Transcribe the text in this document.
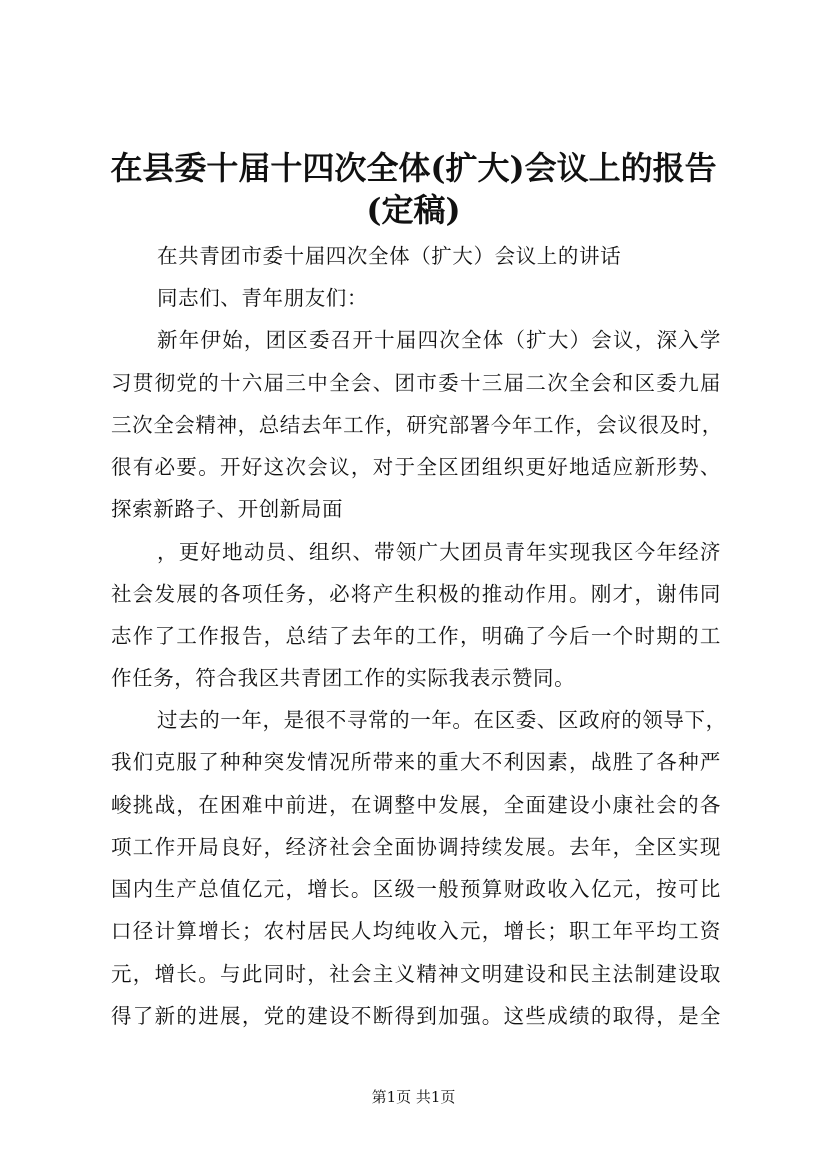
在县委十届十四次全体(扩大)会议上的报告
(定稿)
在共青团市委十届四次全体（扩大）会议上的讲话
同志们、青年朋友们：
新年伊始，团区委召开十届四次全体（扩大）会议，深入学
习贯彻党的十六届三中全会、团市委十三届二次全会和区委九届
三次全会精神，总结去年工作，研究部署今年工作，会议很及时，
很有必要。开好这次会议，对于全区团组织更好地适应新形势、
探索新路子、开创新局面
，更好地动员、组织、带领广大团员青年实现我区今年经济
社会发展的各项任务，必将产生积极的推动作用。刚才，谢伟同
志作了工作报告，总结了去年的工作，明确了今后一个时期的工
作任务，符合我区共青团工作的实际我表示赞同。
过去的一年，是很不寻常的一年。在区委、区政府的领导下，
我们克服了种种突发情况所带来的重大不利因素，战胜了各种严
峻挑战，在困难中前进，在调整中发展，全面建设小康社会的各
项工作开局良好，经济社会全面协调持续发展。去年，全区实现
国内生产总值亿元，增长。区级一般预算财政收入亿元，按可比
口径计算增长；农村居民人均纯收入元，增长；职工年平均工资
元，增长。与此同时，社会主义精神文明建设和民主法制建设取
得了新的进展，党的建设不断得到加强。这些成绩的取得，是全
第1页 共1页
